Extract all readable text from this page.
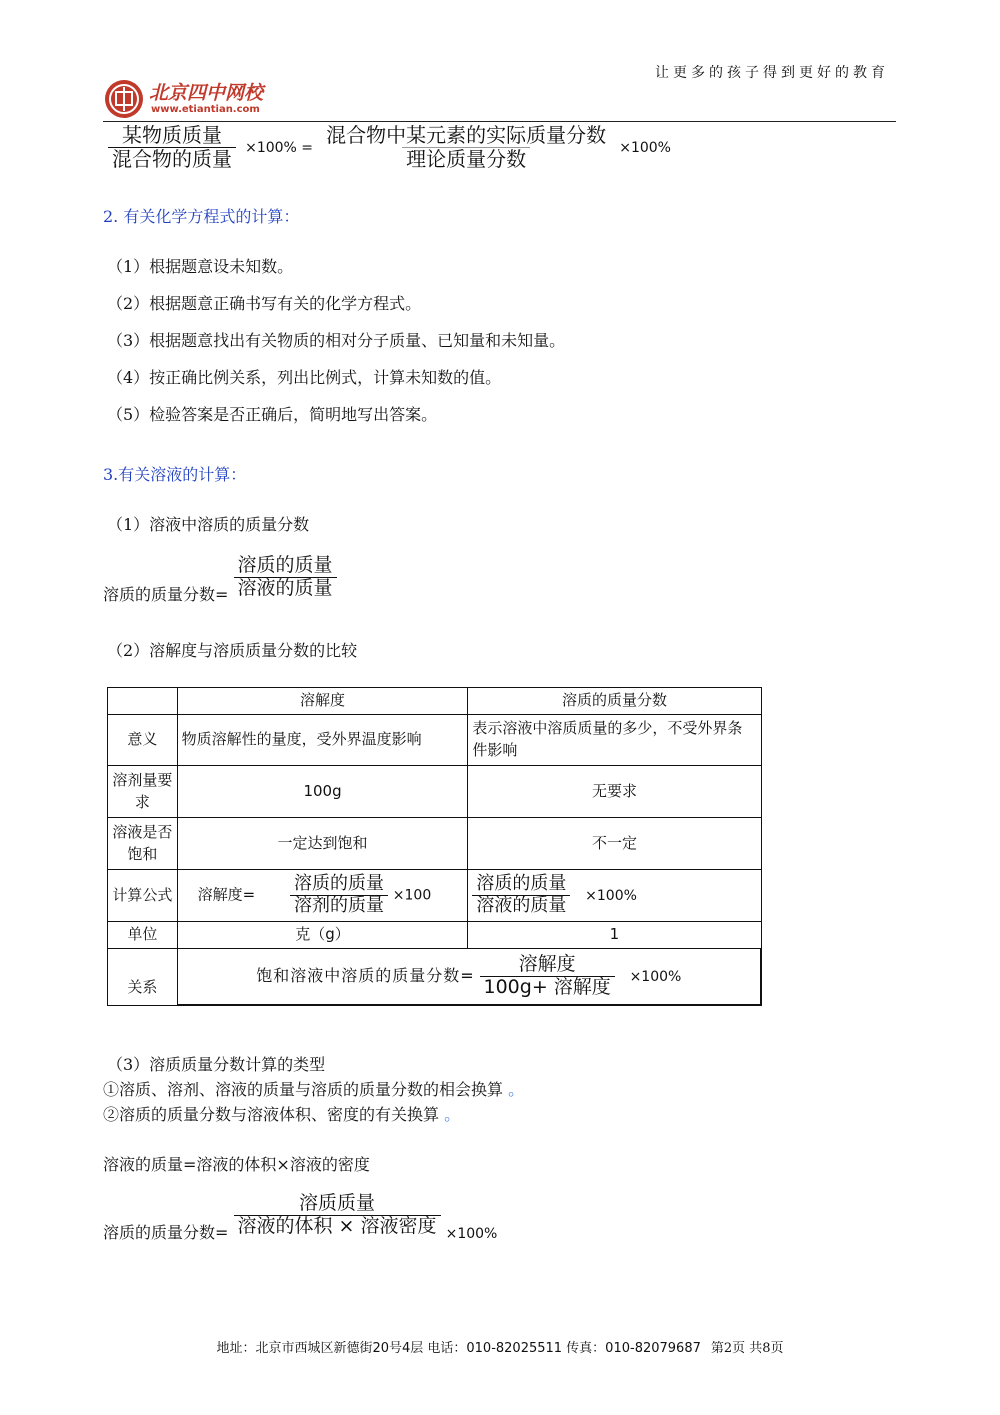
让更多的孩子得到更好的教育
北京四中网校
www.etiantian.com
$\frac{\text{某物质质量}}{\text{混合物的质量}} \times 100\% = \frac{\text{混合物中某元素的实际质量分数}}{\text{理论质量分数}} \times 100\%$
2. 有关化学方程式的计算：
（1）根据题意设未知数。
（2）根据题意正确书写有关的化学方程式。
（3）根据题意找出有关物质的相对分子质量、已知量和未知量。
（4）按正确比例关系，列出比例式，计算未知数的值。
（5）检验答案是否正确后，简明地写出答案。
3.有关溶液的计算：
（1）溶液中溶质的质量分数
溶质的质量分数= $\frac{\text{溶质的质量}}{\text{溶液的质量}}$
（2）溶解度与溶质质量分数的比较
	溶解度	溶质的质量分数
意义	物质溶解性的量度，受外界温度影响	表示溶液中溶质质量的多少，不受外界条件影响
溶剂量要求	100g	无要求
溶液是否饱和	一定达到饱和	不一定
计算公式	溶解度= $\frac{\text{溶质的质量}}{\text{溶剂的质量}} \times 100$	$\frac{\text{溶质的质量}}{\text{溶液的质量}} \times 100\%$
单位	克（g）	1
关系	饱和溶液中溶质的质量分数= $\frac{\text{溶解度}}{\text{100g+ 溶解度}} \times 100\%$	
（3）溶质质量分数计算的类型
①溶质、溶剂、溶液的质量与溶质的质量分数的相会换算 。
②溶质的质量分数与溶液体积、密度的有关换算 。
溶液的质量=溶液的体积×溶液的密度
溶质的质量分数= $\frac{\text{溶质质量}}{\text{溶液的体积 × 溶液密度}} \times 100\%$
地址：北京市西城区新德街20号4层 电话：010-82025511 传真：010-82079687 第2页 共8页
